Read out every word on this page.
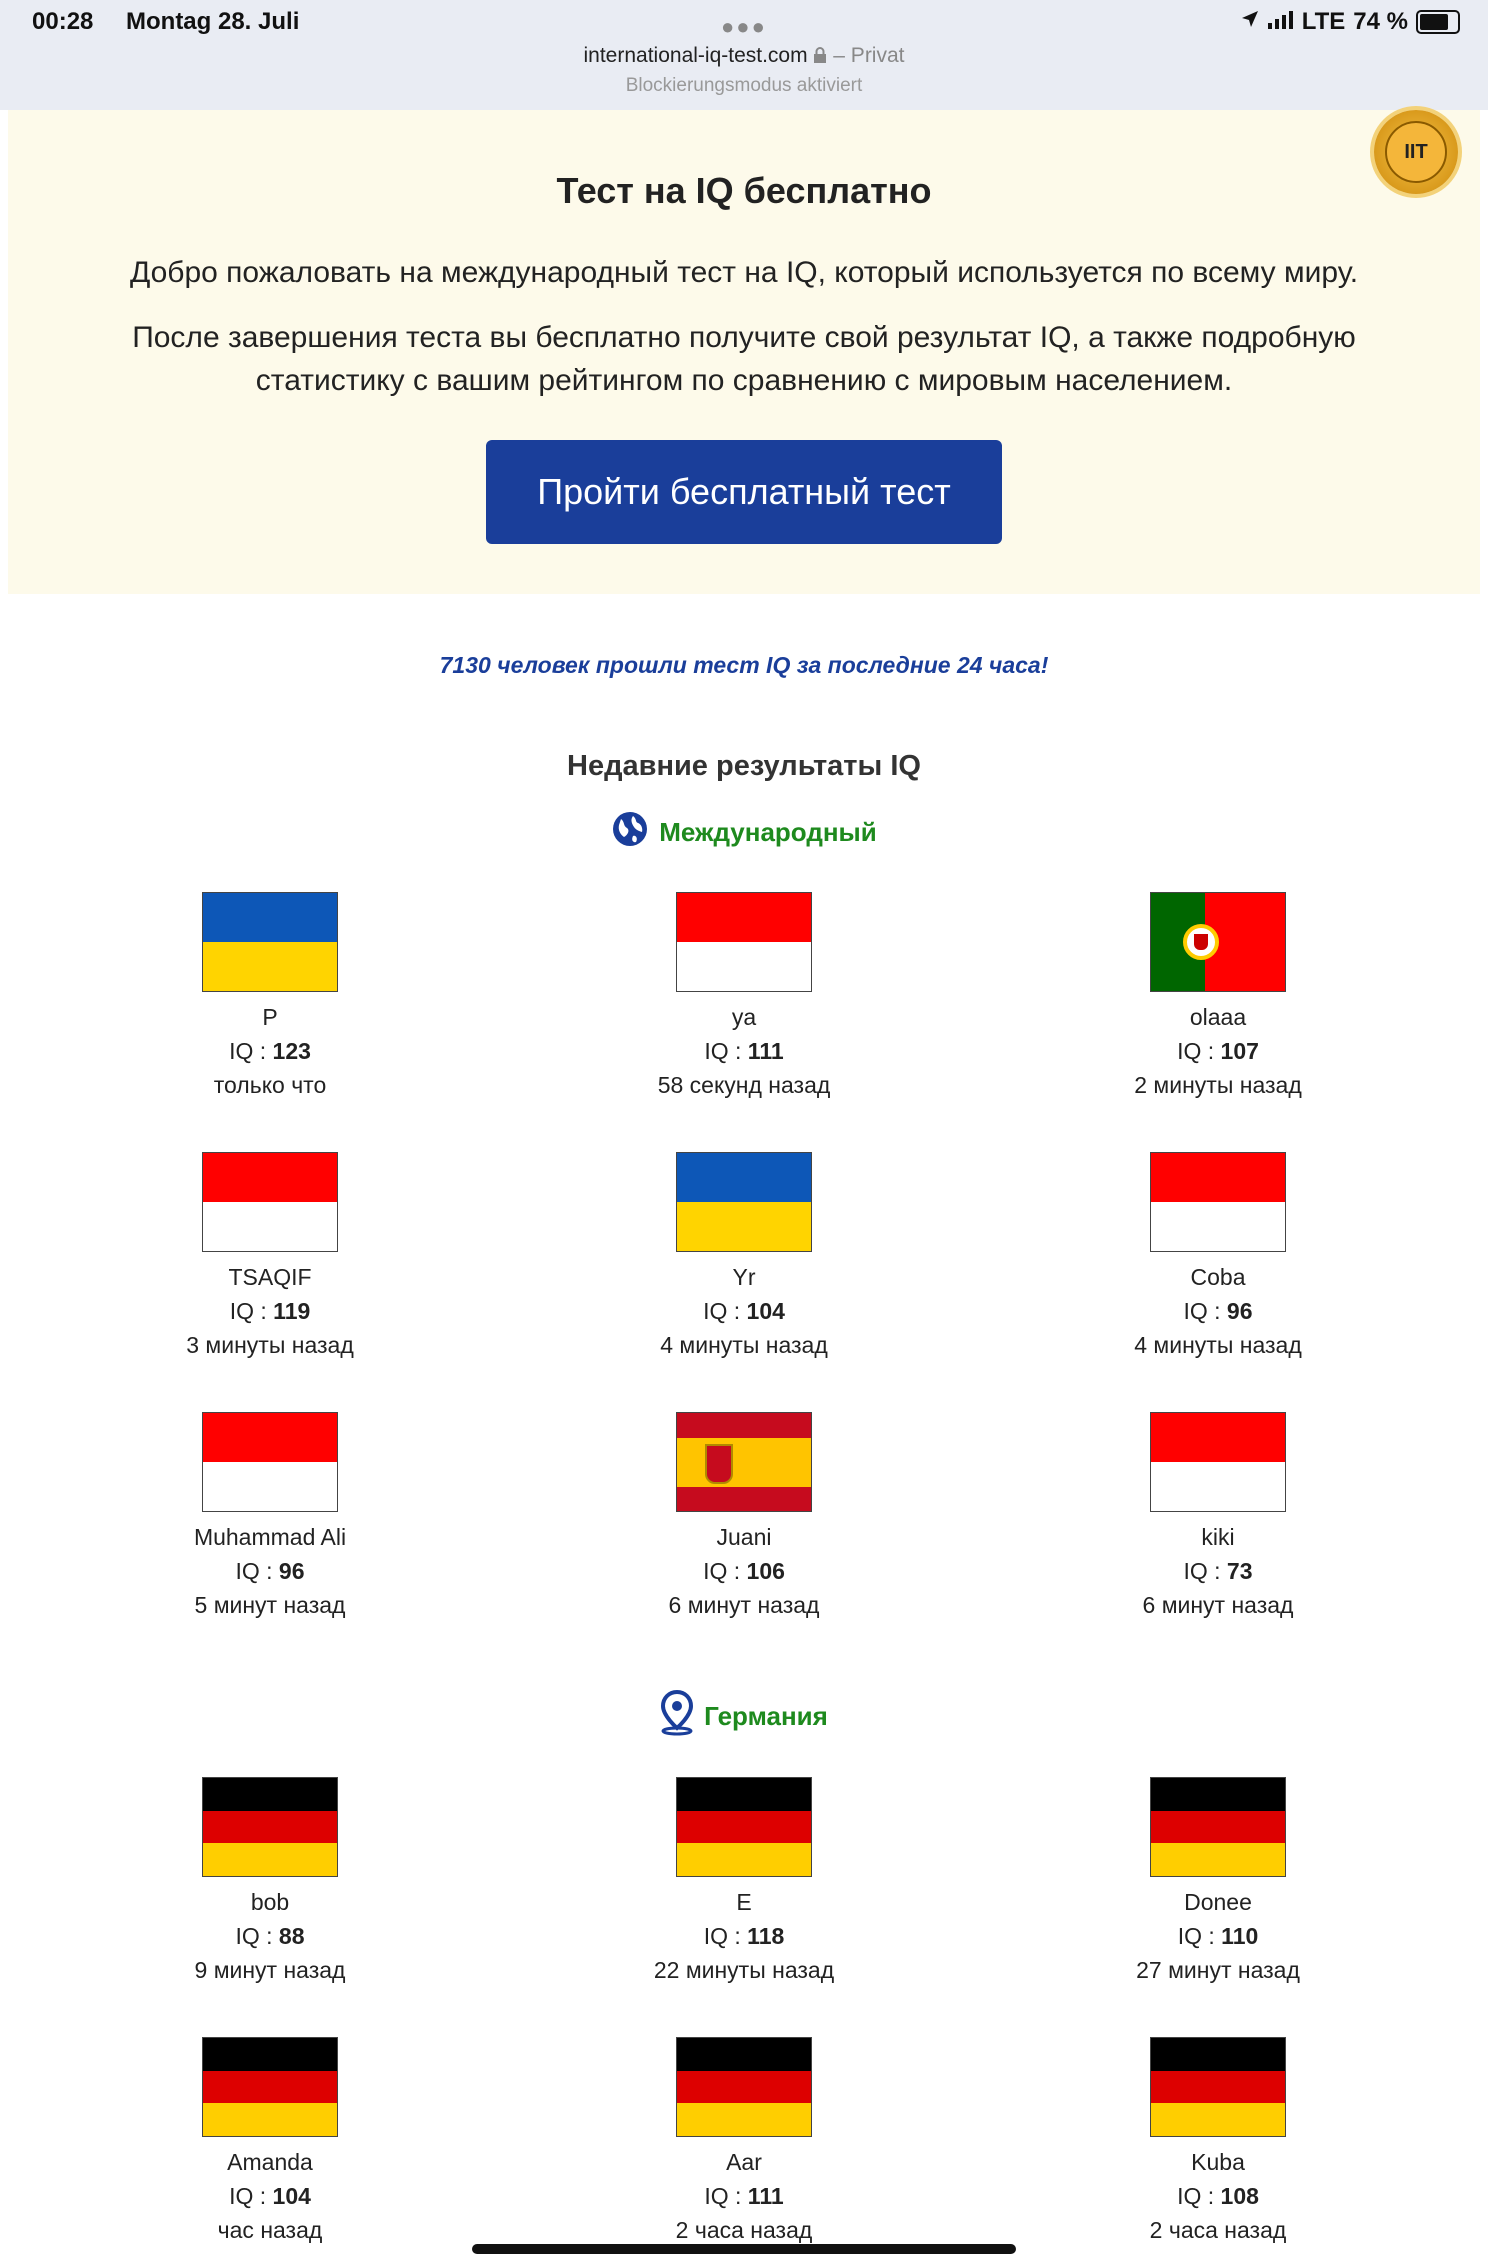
00:28 Montag 28. Juli	●●●	LTE 74 %
international-iq-test.com – Privat
Blockierungsmodus aktiviert
IIT
Тест на IQ бесплатно
Добро пожаловать на международный тест на IQ, который используется по всему миру.
После завершения теста вы бесплатно получите свой результат IQ, а также подробную статистику с вашим рейтингом по сравнению с мировым населением.
Пройти бесплатный тест
7130 человек прошли тест IQ за последние 24 часа!
Недавние результаты IQ
Международный
P
IQ : 123
только что
ya
IQ : 111
58 секунд назад
olaaa
IQ : 107
2 минуты назад
TSAQIF
IQ : 119
3 минуты назад
Yr
IQ : 104
4 минуты назад
Coba
IQ : 96
4 минуты назад
Muhammad Ali
IQ : 96
5 минут назад
Juani
IQ : 106
6 минут назад
kiki
IQ : 73
6 минут назад
Германия
bob
IQ : 88
9 минут назад
E
IQ : 118
22 минуты назад
Donee
IQ : 110
27 минут назад
Amanda
IQ : 104
час назад
Aar
IQ : 111
2 часа назад
Kuba
IQ : 108
2 часа назад
